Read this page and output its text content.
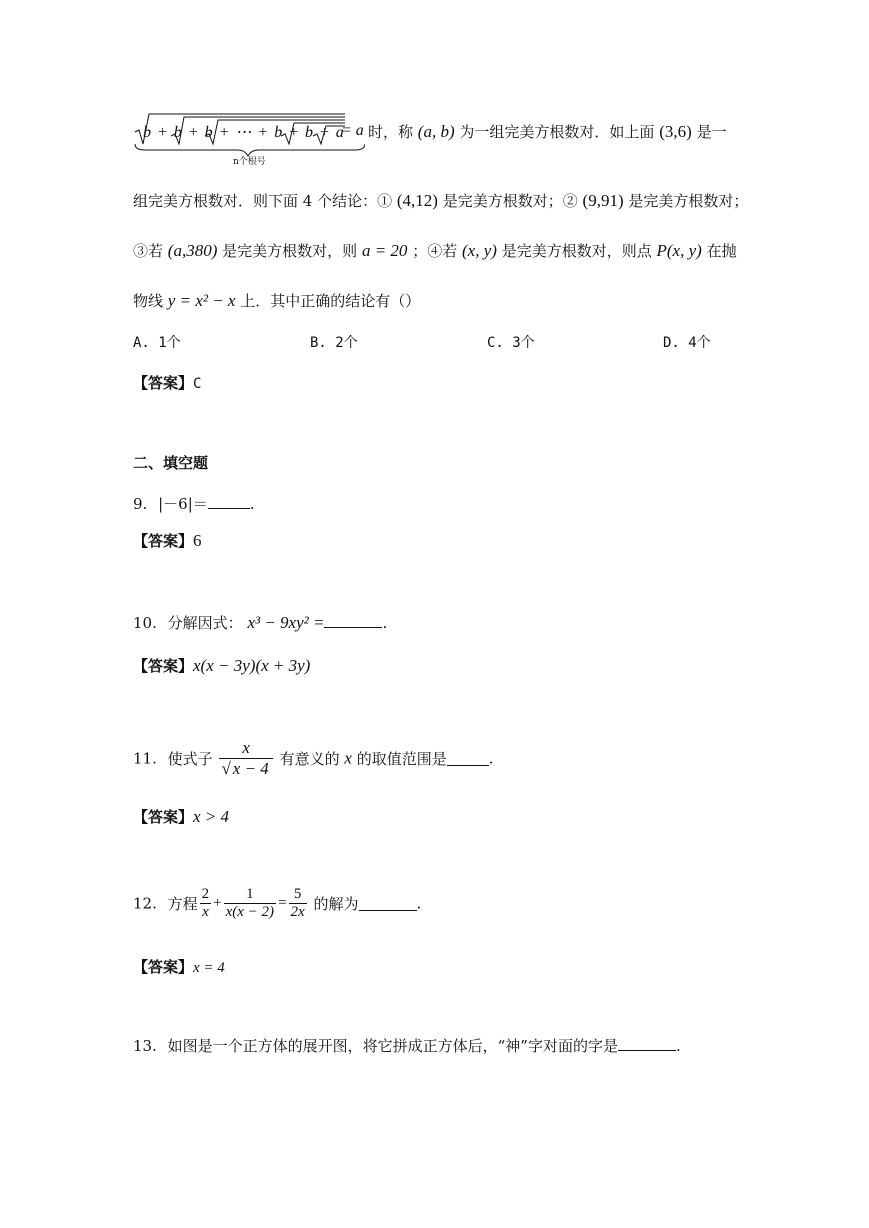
b + b + b + ⋯ + b + b + a
= a
n个根号
时，称 (a, b) 为一组完美方根数对．如上面 (3,6) 是一
组完美方根数对．则下面 4 个结论：① (4,12) 是完美方根数对；② (9,91) 是完美方根数对；
③若 (a,380) 是完美方根数对，则 a = 20 ；④若 (x, y) 是完美方根数对，则点 P(x, y) 在抛
物线 y = x² − x 上．其中正确的结论有（）
A. 1个	B. 2个	C. 3个	D. 4个
【答案】C
二、填空题
9. |－6|＝	.
【答案】6
10. 分解因式： x³ − 9xy² =	.
【答案】x(x − 3y)(x + 3y)
11. 使式子 $\frac{x}{√ x - 4}$ 有意义的 x 的取值范围是	.
【答案】x > 4
12. 方程 $\frac{2}{x} + \frac{1}{x(x - 2)} = \frac{5}{2x}$ 的解为	.
【答案】x = 4
13. 如图是一个正方体的展开图，将它拼成正方体后，“神”字对面的字是	.
